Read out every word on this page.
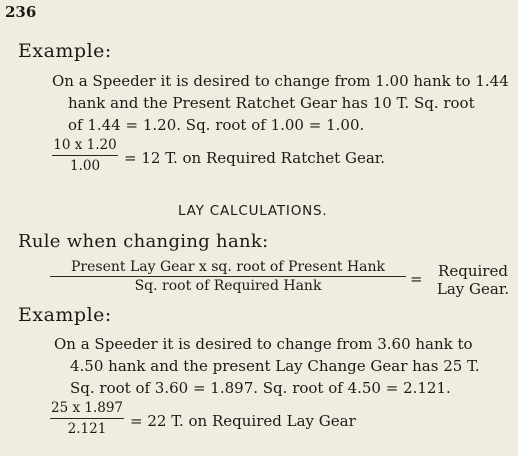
236
Example:
On a Speeder it is desired to change from 1.00 hank to 1.44
hank and the Present Ratchet Gear has 10 T. Sq. root
of 1.44 = 1.20. Sq. root of 1.00 = 1.00.
10 x 1.20
1.00	= 12 T. on Required Ratchet Gear.
LAY CALCULATIONS.
Rule when changing hank:
Present Lay Gear x sq. root of Present Hank
Sq. root of Required Hank	=	Required
Lay Gear.
Example:
On a Speeder it is desired to change from 3.60 hank to
4.50 hank and the present Lay Change Gear has 25 T.
Sq. root of 3.60 = 1.897. Sq. root of 4.50 = 2.121.
25 x 1.897
2.121	= 22 T. on Required Lay Gear
